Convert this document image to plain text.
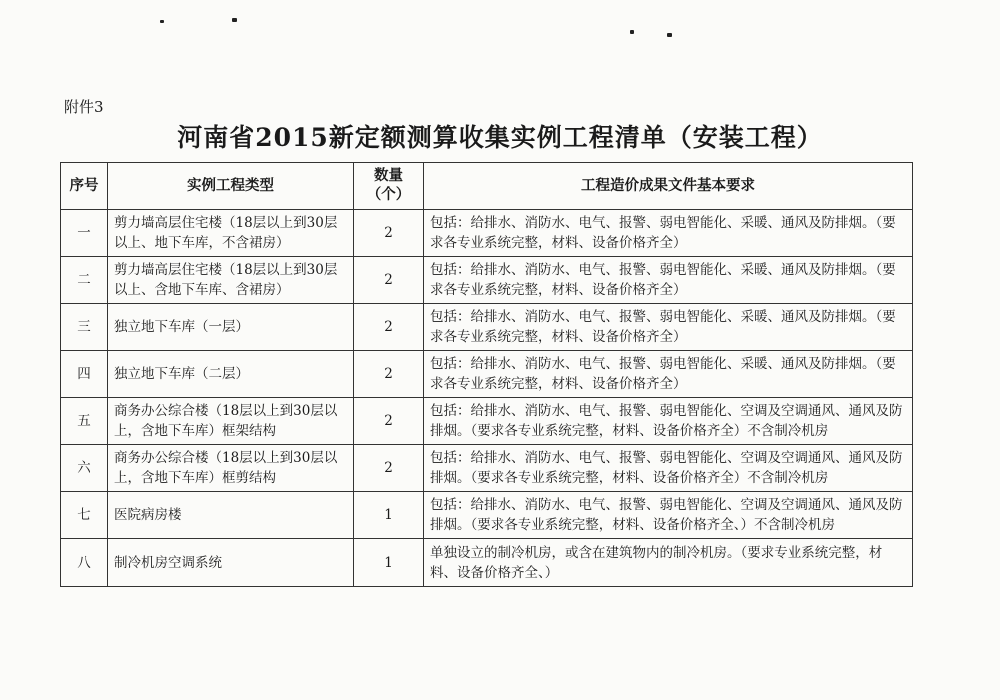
附件3
河南省2015新定额测算收集实例工程清单（安装工程）
序号	实例工程类型	数量（个）	工程造价成果文件基本要求
一	剪力墙高层住宅楼（18层以上到30层以上、地下车库，不含裙房）	2	包括：给排水、消防水、电气、报警、弱电智能化、采暖、通风及防排烟。（要求各专业系统完整，材料、设备价格齐全）
二	剪力墙高层住宅楼（18层以上到30层以上、含地下车库、含裙房）	2	包括：给排水、消防水、电气、报警、弱电智能化、采暖、通风及防排烟。（要求各专业系统完整，材料、设备价格齐全）
三	独立地下车库（一层）	2	包括：给排水、消防水、电气、报警、弱电智能化、采暖、通风及防排烟。（要求各专业系统完整，材料、设备价格齐全）
四	独立地下车库（二层）	2	包括：给排水、消防水、电气、报警、弱电智能化、采暖、通风及防排烟。（要求各专业系统完整，材料、设备价格齐全）
五	商务办公综合楼（18层以上到30层以上，含地下车库）框架结构	2	包括：给排水、消防水、电气、报警、弱电智能化、空调及空调通风、通风及防排烟。（要求各专业系统完整，材料、设备价格齐全）不含制冷机房
六	商务办公综合楼（18层以上到30层以上，含地下车库）框剪结构	2	包括：给排水、消防水、电气、报警、弱电智能化、空调及空调通风、通风及防排烟。（要求各专业系统完整，材料、设备价格齐全）不含制冷机房
七	医院病房楼	1	包括：给排水、消防水、电气、报警、弱电智能化、空调及空调通风、通风及防排烟。（要求各专业系统完整，材料、设备价格齐全、）不含制冷机房
八	制冷机房空调系统	1	单独设立的制冷机房，或含在建筑物内的制冷机房。（要求专业系统完整，材料、设备价格齐全、）
